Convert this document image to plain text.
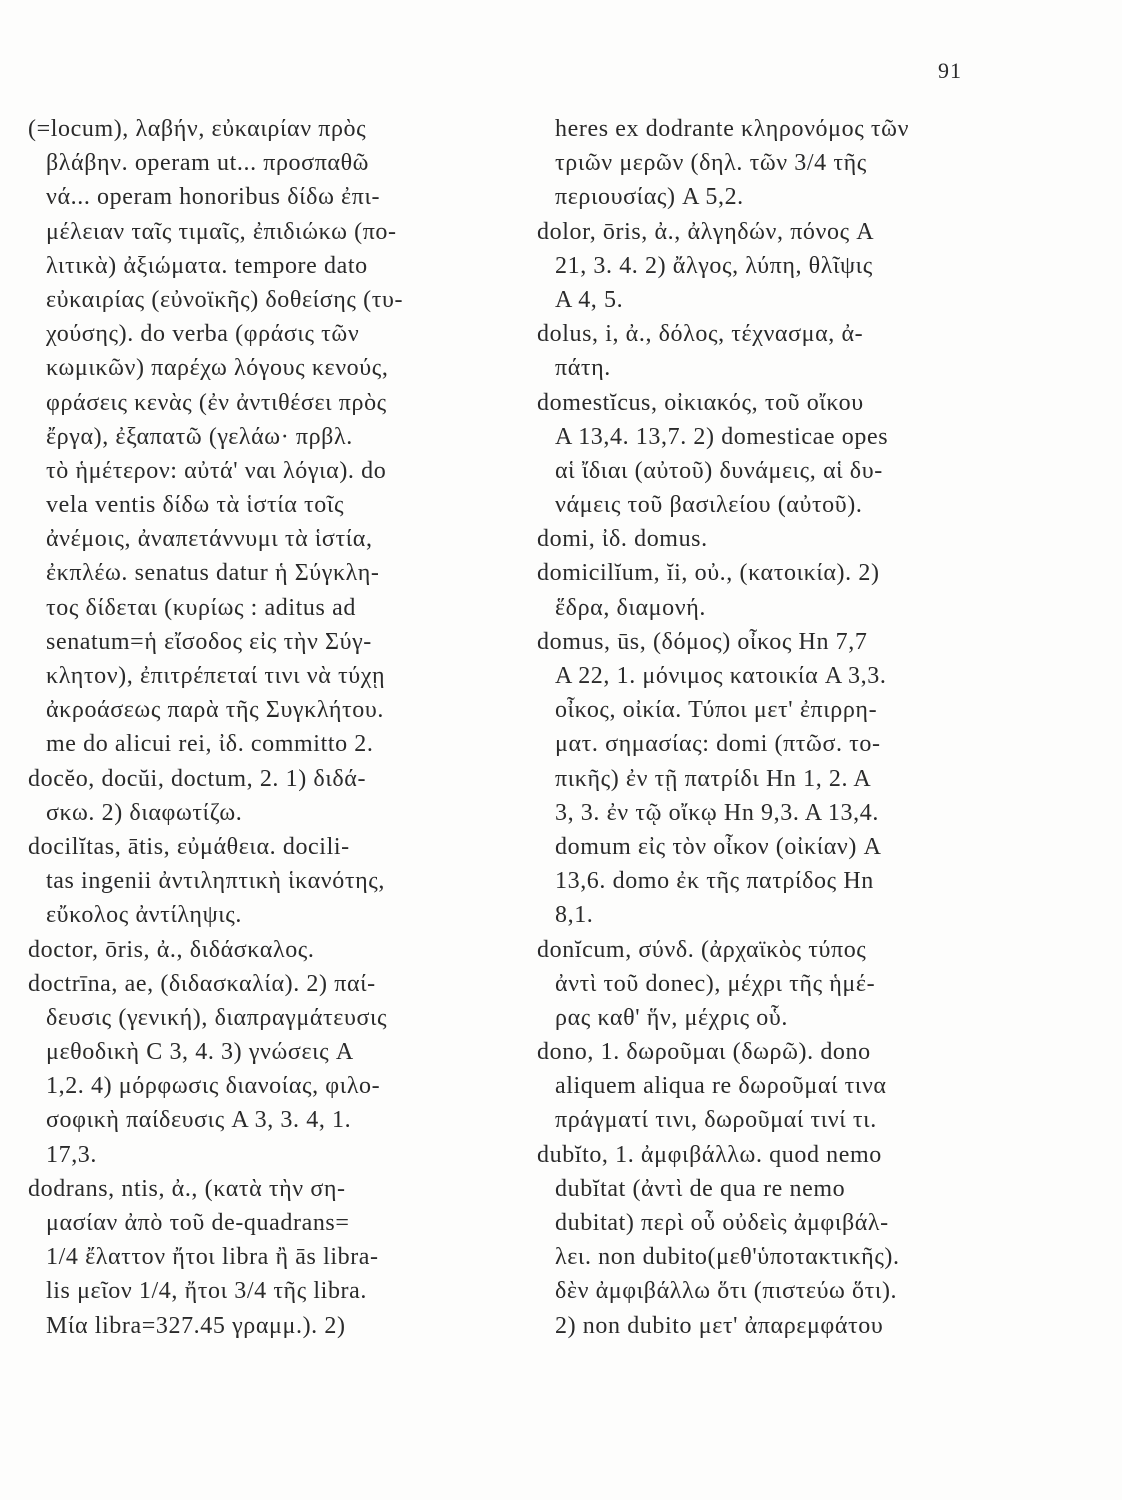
91
(=locum), λαβήν, εὐκαιρίαν πρὸς
βλάβην. operam ut... προσπαθῶ
νά... operam honoribus δίδω ἐπι-
μέλειαν ταῖς τιμαῖς, ἐπιδιώκω (πο-
λιτικὰ) ἀξιώματα. tempore dato
εὐκαιρίας (εὐνοϊκῆς) δοθείσης (τυ-
χούσης). do verba (φράσις τῶν
κωμικῶν) παρέχω λόγους κενούς,
φράσεις κενὰς (ἐν ἀντιθέσει πρὸς
ἔργα), ἐξαπατῶ (γελάω· πρβλ.
τὸ ἡμέτερον: αὐτά' ναι λόγια). do
vela ventis δίδω τὰ ἱστία τοῖς
ἀνέμοις, ἀναπετάννυμι τὰ ἱστία,
ἐκπλέω. senatus datur ἡ Σύγκλη-
τος δίδεται (κυρίως : aditus ad
senatum=ἡ εἴσοδος εἰς τὴν Σύγ-
κλητον), ἐπιτρέπεταί τινι νὰ τύχῃ
ἀκροάσεως παρὰ τῆς Συγκλήτου.
me do alicui rei, ἰδ. committo 2.
docĕo, docŭi, doctum, 2. 1) διδά-
σκω. 2) διαφωτίζω.
docilĭtas, ātis, εὐμάθεια. docili-
tas ingenii ἀντιληπτικὴ ἱκανότης,
εὔκολος ἀντίληψις.
doctor, ōris, ἀ., διδάσκαλος.
doctrīna, ae, (διδασκαλία). 2) παί-
δευσις (γενική), διαπραγμάτευσις
μεθοδικὴ C 3, 4. 3) γνώσεις A
1,2. 4) μόρφωσις διανοίας, φιλο-
σοφικὴ παίδευσις A 3, 3. 4, 1.
17,3.
dodrans, ntis, ἀ., (κατὰ τὴν ση-
μασίαν ἀπὸ τοῦ de-quadrans=
1/4 ἔλαττον ἤτοι libra ἢ ās libra-
lis μεῖον 1/4, ἤτοι 3/4 τῆς libra.
Μία libra=327.45 γραμμ.). 2)
heres ex dodrante κληρονόμος τῶν
τριῶν μερῶν (δηλ. τῶν 3/4 τῆς
περιουσίας) A 5,2.
dolor, ōris, ἀ., ἀλγηδών, πόνος A
21, 3. 4. 2) ἄλγος, λύπη, θλῖψις
A 4, 5.
dolus, i, ἀ., δόλος, τέχνασμα, ἀ-
πάτη.
domestĭcus, οἰκιακός, τοῦ οἴκου
A 13,4. 13,7. 2) domesticae opes
αἱ ἴδιαι (αὐτοῦ) δυνάμεις, αἱ δυ-
νάμεις τοῦ βασιλείου (αὐτοῦ).
domi, ἰδ. domus.
domicilĭum, ĭi, οὐ., (κατοικία). 2)
ἕδρα, διαμονή.
domus, ūs, (δόμος) οἶκος Hn 7,7
A 22, 1. μόνιμος κατοικία A 3,3.
οἶκος, οἰκία. Τύποι μετ' ἐπιρρη-
ματ. σημασίας: domi (πτῶσ. το-
πικῆς) ἐν τῇ πατρίδι Hn 1, 2. A
3, 3. ἐν τῷ οἴκῳ Hn 9,3. A 13,4.
domum εἰς τὸν οἶκον (οἰκίαν) A
13,6. domo ἐκ τῆς πατρίδος Hn
8,1.
donĭcum, σύνδ. (ἀρχαϊκὸς τύπος
ἀντὶ τοῦ donec), μέχρι τῆς ἡμέ-
ρας καθ' ἥν, μέχρις οὗ.
dono, 1. δωροῦμαι (δωρῶ). dono
aliquem aliqua re δωροῦμαί τινα
πράγματί τινι, δωροῦμαί τινί τι.
dubĭto, 1. ἀμφιβάλλω. quod nemo
dubĭtat (ἀντὶ de qua re nemo
dubitat) περὶ οὗ οὐδεὶς ἀμφιβάλ-
λει. non dubito(μεθ'ὑποτακτικῆς).
δὲν ἀμφιβάλλω ὅτι (πιστεύω ὅτι).
2) non dubito μετ' ἀπαρεμφάτου
